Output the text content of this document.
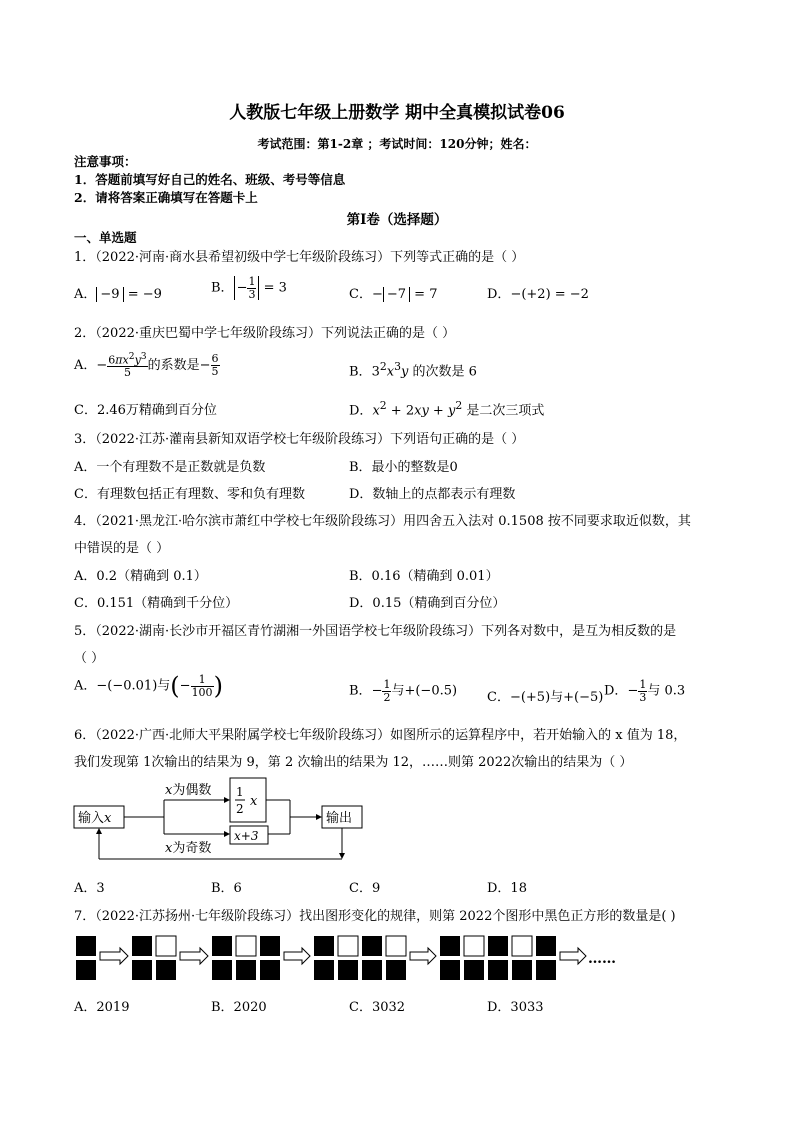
人教版七年级上册数学 期中全真模拟试卷06
考试范围：第1-2章 ；考试时间：120分钟；姓名：
注意事项：
1．答题前填写好自己的姓名、班级、考号等信息
2．请将答案正确填写在答题卡上
第I卷（选择题）
一、单选题
1．（2022·河南·商水县希望初级中学七年级阶段练习）下列等式正确的是（ ）
A． −9 = −9	B． − $\frac{1}{3} = 3$	C．− −7 = 7	D．−(+2) = −2
2．（2022·重庆巴蜀中学七年级阶段练习）下列说法正确的是（ ）
A．− $\frac{6\pi x^2y^3}{5}$ 的系数是− $\frac{6}{5}$	B．$3^2x^3y$ 的次数是 6
C．2.46万精确到百分位	D．$x^2 + 2xy + y^2$ 是二次三项式
3．（2022·江苏·灌南县新知双语学校七年级阶段练习）下列语句正确的是（ ）
A．一个有理数不是正数就是负数	B．最小的整数是0
C．有理数包括正有理数、零和负有理数	D．数轴上的点都表示有理数
4．（2021·黑龙江·哈尔滨市萧红中学校七年级阶段练习）用四舍五入法对 0.1508 按不同要求取近似数，其
中错误的是（ ）
A．0.2（精确到 0.1）	B．0.16（精确到 0.01）
C．0.151（精确到千分位）	D．0.15（精确到百分位）
5．（2022·湖南·长沙市开福区青竹湖湘一外国语学校七年级阶段练习）下列各对数中，是互为相反数的是
（ ）
A．−(−0.01)与(− $\frac{1}{100}$ )	B．− $\frac{1}{2}$ 与+(−0.5) C．−(+5)与+(−5) D．− $\frac{1}{3}$ 与 0.3
6．（2022·广西·北师大平果附属学校七年级阶段练习）如图所示的运算程序中，若开始输入的 x 值为 18，
我们发现第 1次输出的结果为 9，第 2 次输出的结果为 12，……则第 2022次输出的结果为（ ）
输入x
x为偶数
x为奇数
1
2 x
x+3
输出
A．3	B．6	C．9	D．18
7．（2022·江苏扬州·七年级阶段练习）找出图形变化的规律，则第 2022个图形中黑色正方形的数量是( )
……
A．2019	B．2020	C．3032	D．3033
